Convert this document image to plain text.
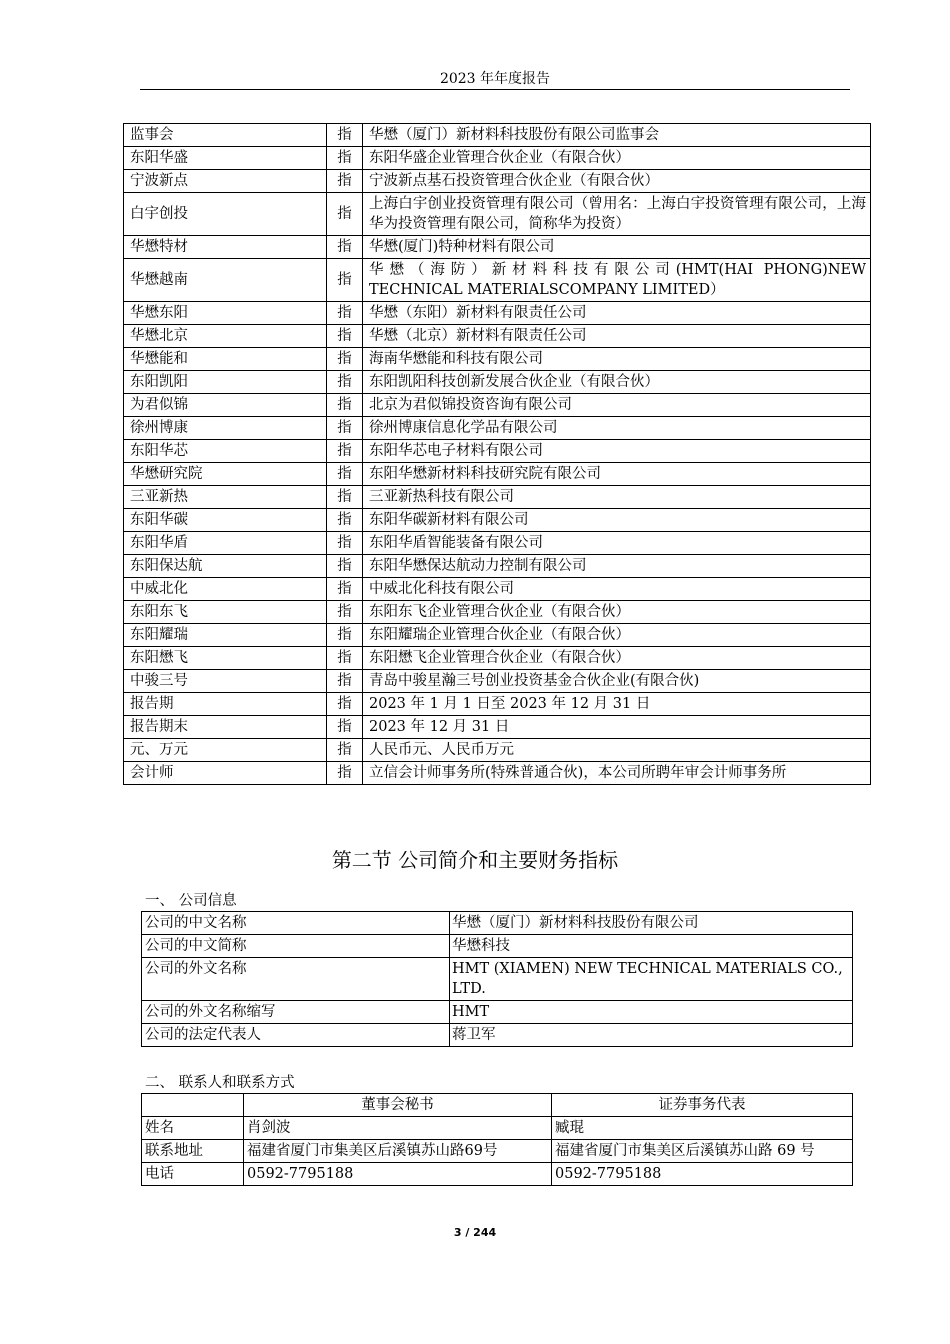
2023 年年度报告
监事会	指	华懋（厦门）新材料科技股份有限公司监事会
东阳华盛	指	东阳华盛企业管理合伙企业（有限合伙）
宁波新点	指	宁波新点基石投资管理合伙企业（有限合伙）
白宇创投	指	上海白宇创业投资管理有限公司（曾用名：上海白宇投资管理有限公司，上海华为投资管理有限公司，简称华为投资）
华懋特材	指	华懋(厦门)特种材料有限公司
华懋越南	指	华懋（海防）新材料科技有限公司(HMT(HAI PHONG)NEW TECHNICAL MATERIALSCOMPANY LIMITED）
华懋东阳	指	华懋（东阳）新材料有限责任公司
华懋北京	指	华懋（北京）新材料有限责任公司
华懋能和	指	海南华懋能和科技有限公司
东阳凯阳	指	东阳凯阳科技创新发展合伙企业（有限合伙）
为君似锦	指	北京为君似锦投资咨询有限公司
徐州博康	指	徐州博康信息化学品有限公司
东阳华芯	指	东阳华芯电子材料有限公司
华懋研究院	指	东阳华懋新材料科技研究院有限公司
三亚新热	指	三亚新热科技有限公司
东阳华碳	指	东阳华碳新材料有限公司
东阳华盾	指	东阳华盾智能装备有限公司
东阳保达航	指	东阳华懋保达航动力控制有限公司
中威北化	指	中威北化科技有限公司
东阳东飞	指	东阳东飞企业管理合伙企业（有限合伙）
东阳耀瑞	指	东阳耀瑞企业管理合伙企业（有限合伙）
东阳懋飞	指	东阳懋飞企业管理合伙企业（有限合伙）
中骏三号	指	青岛中骏星瀚三号创业投资基金合伙企业(有限合伙)
报告期	指	2023 年 1 月 1 日至 2023 年 12 月 31 日
报告期末	指	2023 年 12 月 31 日
元、万元	指	人民币元、人民币万元
会计师	指	立信会计师事务所(特殊普通合伙)，本公司所聘年审会计师事务所
第二节 公司简介和主要财务指标
一、 公司信息
公司的中文名称	华懋（厦门）新材料科技股份有限公司
公司的中文简称	华懋科技
公司的外文名称	HMT (XIAMEN) NEW TECHNICAL MATERIALS CO., LTD.
公司的外文名称缩写	HMT
公司的法定代表人	蒋卫军
二、 联系人和联系方式
	董事会秘书	证券事务代表
姓名	肖剑波	臧琨
联系地址	福建省厦门市集美区后溪镇苏山路69号	福建省厦门市集美区后溪镇苏山路 69 号
电话	0592-7795188	0592-7795188
3 / 244
